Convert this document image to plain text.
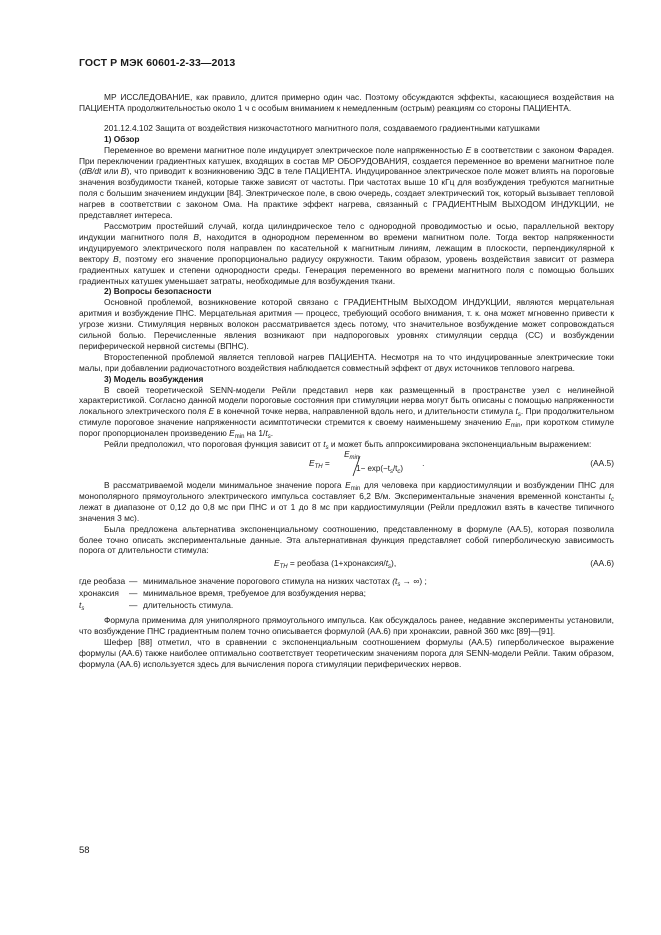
ГОСТ Р МЭК 60601-2-33—2013

МР ИССЛЕДОВАНИЕ, как правило, длится примерно один час. Поэтому обсуждаются эффекты, касающиеся воздействия на ПАЦИЕНТА продолжительностью около 1 ч с особым вниманием к немедленным (острым) реакциям со стороны ПАЦИЕНТА.

201.12.4.102 Защита от воздействия низкочастотного магнитного поля, создаваемого градиентными катушками

1) Обзор

Переменное во времени магнитное поле индуцирует электрическое поле напряженностью E в соответствии с законом Фарадея. При переключении градиентных катушек, входящих в состав МР ОБОРУДОВАНИЯ, создается переменное во времени магнитное поле (dB/dt или B), что приводит к возникновению ЭДС в теле ПАЦИЕНТА. Индуцированное электрическое поле может влиять на пороговые значения возбудимости тканей, которые также зависят от частоты. При частотах выше 10 кГц для возбуждения требуются магнитные поля с большим значением индукции [84]. Электрическое поле, в свою очередь, создает электрический ток, который вызывает тепловой нагрев в соответствии с законом Ома. На практике эффект нагрева, связанный с ГРАДИЕНТНЫМ ВЫХОДОМ ИНДУКЦИИ, не представляет интереса.

Рассмотрим простейший случай, когда цилиндрическое тело с однородной проводимостью и осью, параллельной вектору индукции магнитного поля B, находится в однородном переменном во времени магнитном поле. Тогда вектор напряженности индуцируемого электрического поля направлен по касательной к магнитным линиям, лежащим в плоскости, перпендикулярной к вектору B, поэтому его значение пропорционально радиусу окружности. Таким образом, уровень воздействия зависит от размера градиентных катушек и степени однородности среды. Генерация переменного во времени магнитного поля с помощью больших градиентных катушек уменьшает затраты, необходимые для возбуждения ткани.

2) Вопросы безопасности

Основной проблемой, возникновение которой связано с ГРАДИЕНТНЫМ ВЫХОДОМ ИНДУКЦИИ, являются мерцательная аритмия и возбуждение ПНС. Мерцательная аритмия — процесс, требующий особого внимания, т. к. она может мгновенно привести к угрозе жизни. Стимуляция нервных волокон рассматривается здесь потому, что значительное возбуждение может сопровождаться сильной болью. Перечисленные явления возникают при надпороговых уровнях стимуляции сердца (СС) и возбуждении периферической нервной системы (ВПНС).

Второстепенной проблемой является тепловой нагрев ПАЦИЕНТА. Несмотря на то что индуцированные электрические токи малы, при добавлении радиочастотного воздействия наблюдается совместный эффект от двух источников теплового нагрева.

3) Модель возбуждения

В своей теоретической SENN-модели Рейли представил нерв как размещенный в пространстве узел с нелинейной характеристикой. Согласно данной модели пороговые состояния при стимуляции нерва могут быть описаны с помощью напряженности локального электрического поля E в конечной точке нерва, направленной вдоль него, и длительности стимула $t_s$. При продолжительном стимуле пороговое значение напряженности асимптотически стремится к своему наименьшему значению $E_{min}$, при коротком стимуле порог пропорционален произведению $E_{min}$ на $1/t_s$.

Рейли предположил, что пороговая функция зависит от $t_s$ и может быть аппроксимирована экспоненциальным выражением:

$E_{TH}$ =
$E_{min}$
$1- \exp(-t_s/t_c)$
.	(АА.5)

В рассматриваемой модели минимальное значение порога $E_{min}$ для человека при кардиостимуляции и возбуждении ПНС для монополярного прямоугольного электрического импульса составляет 6,2 В/м. Экспериментальные значения временной константы $t_c$ лежат в диапазоне от 0,12 до 0,8 мс при ПНС и от 1 до 8 мс при кардиостимуляции (Рейли предложил взять в качестве типичного значения 3 мс).

Была предложена альтернатива экспоненциальному соотношению, представленному в формуле (АА.5), которая позволила более точно описать экспериментальные данные. Эта альтернативная функция представляет собой гиперболическую зависимость порога от длительности стимула:

$E_{TH}$ = реобаза $(1+хронаксия/t_s)$,	(АА.6)
где реобаза — минимальное значение порогового стимула на низких частотах ($t_s$ → ∞) ;
хронаксия	— минимальное время, требуемое для возбуждения нерва;
$t_s$	— длительность стимула.

Формула применима для униполярного прямоугольного импульса. Как обсуждалось ранее, недавние эксперименты установили, что возбуждение ПНС градиентным полем точно описывается формулой (АА.6) при хронаксии, равной 360 мкс [89]—[91].

Шефер [88] отметил, что в сравнении с экспоненциальным соотношением формулы (АА.5) гиперболическое выражение формулы (АА.6) также наиболее оптимально соответствует теоретическим значениям порога для SENN-модели Рейли. Таким образом, формула (АА.6) используется здесь для вычисления порога стимуляции периферических нервов.

58
